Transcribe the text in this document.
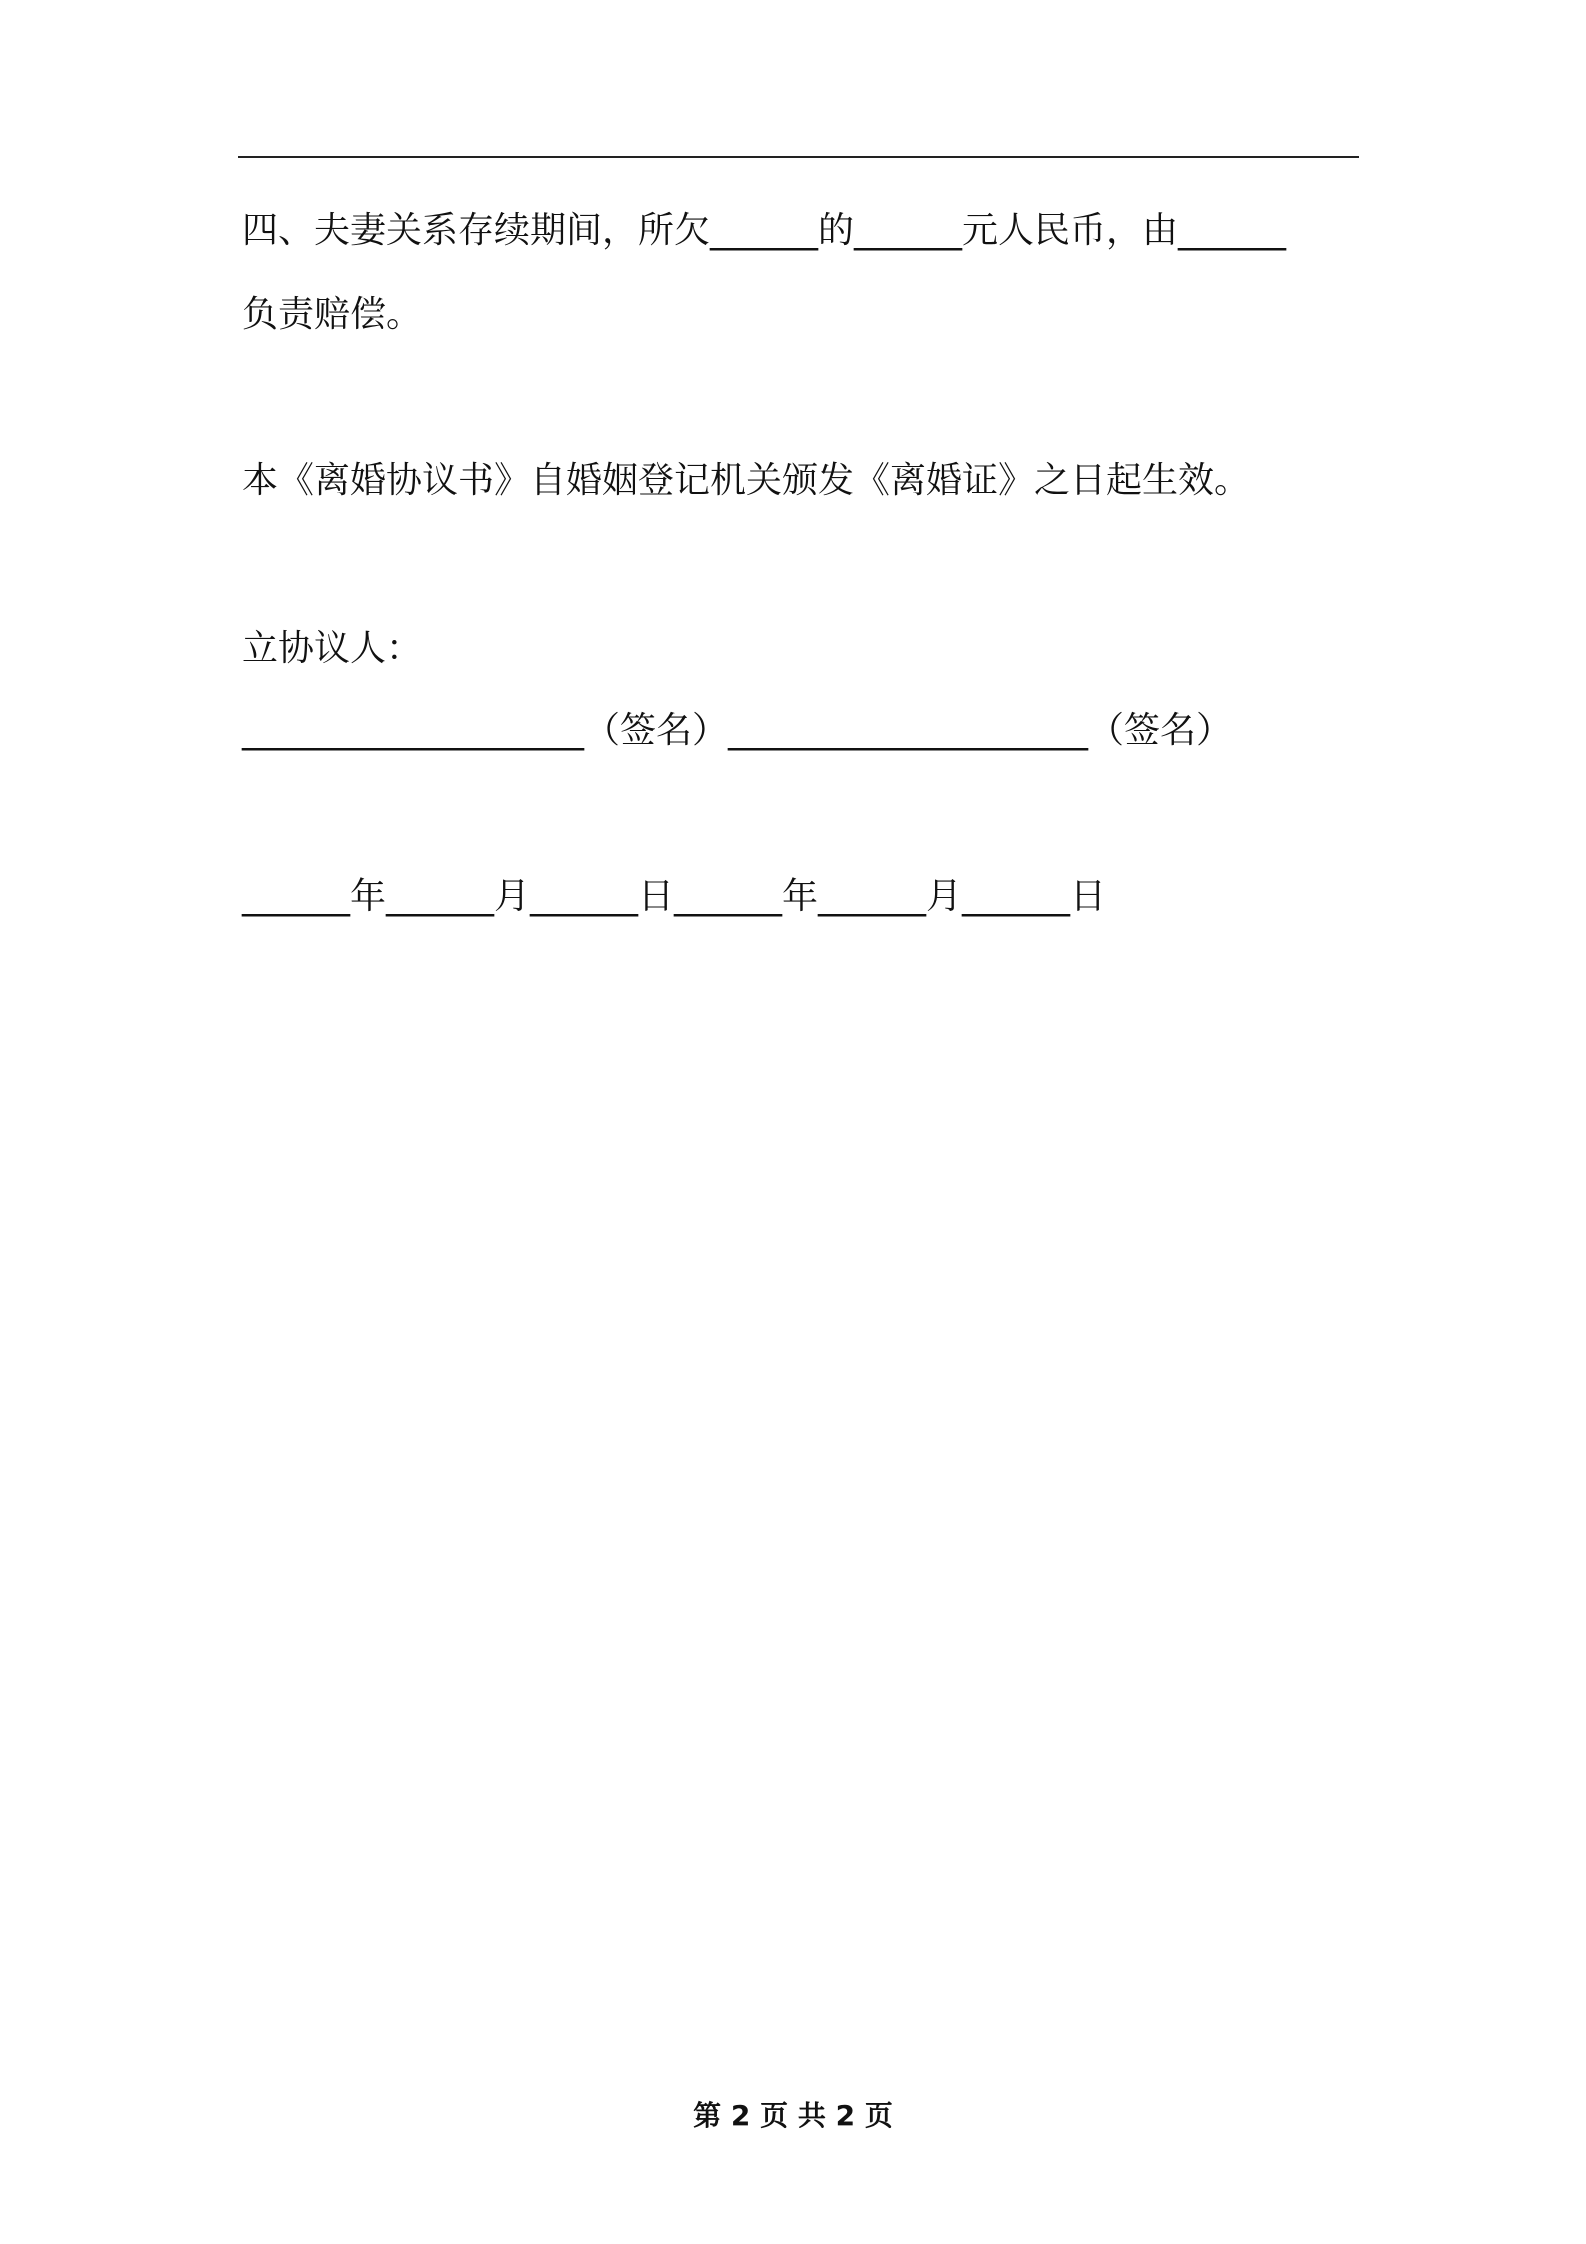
四、夫妻关系存续期间，所欠______的______元人民币，由______
负责赔偿。
本《离婚协议书》自婚姻登记机关颁发《离婚证》之日起生效。
立协议人：
___________________（签名）____________________（签名）
______年______月______日______年______月______日
第 2 页 共 2 页
